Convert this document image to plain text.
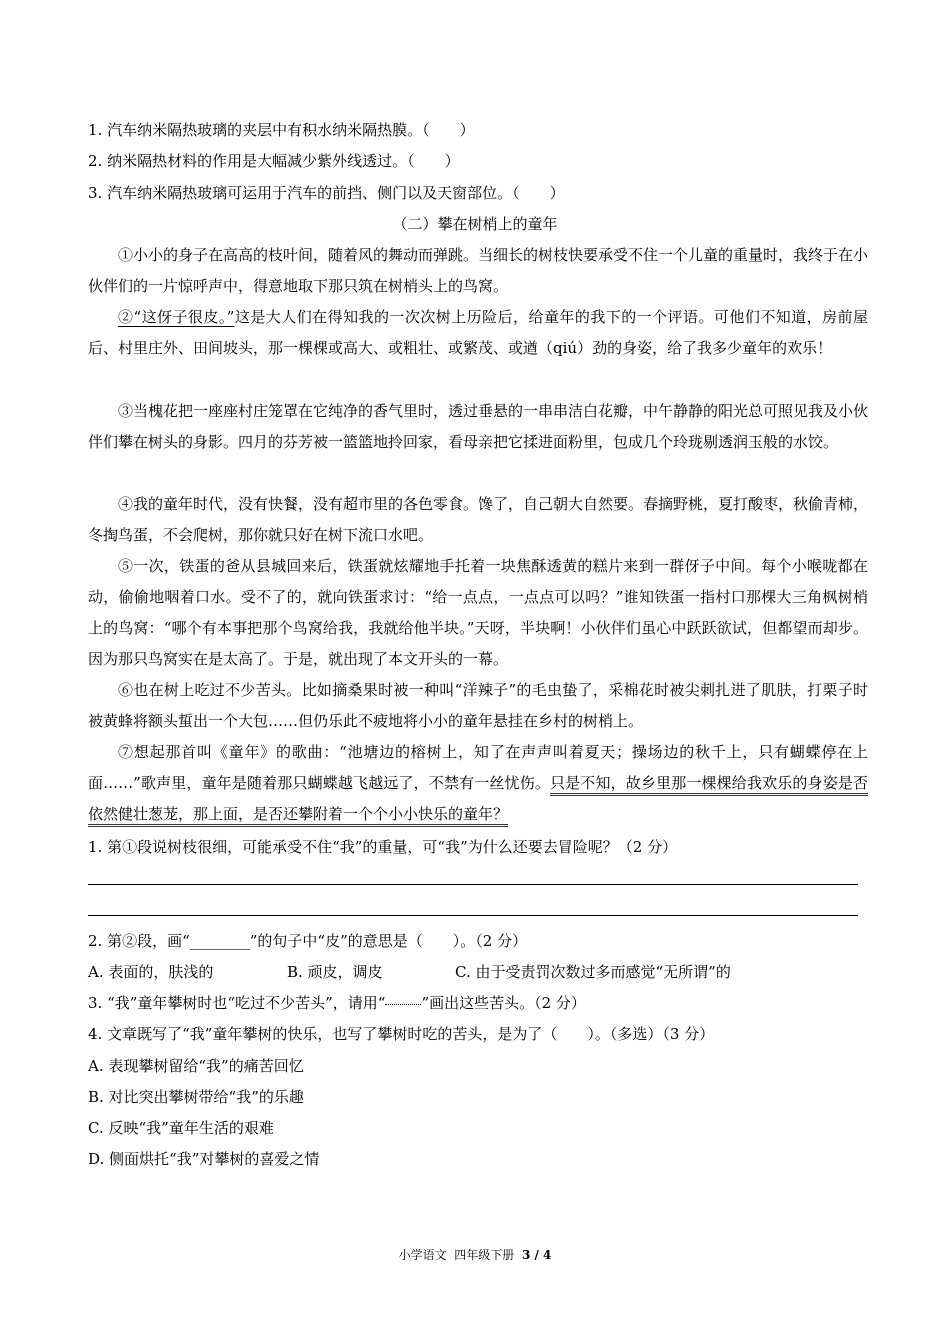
1. 汽车纳米隔热玻璃的夹层中有积水纳米隔热膜。（　　）
2. 纳米隔热材料的作用是大幅减少紫外线透过。（　　）
3. 汽车纳米隔热玻璃可运用于汽车的前挡、侧门以及天窗部位。（　　）
（二）攀在树梢上的童年
①小小的身子在高高的枝叶间，随着风的舞动而弹跳。当细长的树枝快要承受不住一个儿童的重量时，我终于在小伙伴们的一片惊呼声中，得意地取下那只筑在树梢头上的鸟窝。
②“这伢子很皮。”这是大人们在得知我的一次次树上历险后，给童年的我下的一个评语。可他们不知道，房前屋后、村里庄外、田间坡头，那一棵棵或高大、或粗壮、或繁茂、或遒（qiú）劲的身姿，给了我多少童年的欢乐！
③当槐花把一座座村庄笼罩在它纯净的香气里时，透过垂悬的一串串洁白花瓣，中午静静的阳光总可照见我及小伙伴们攀在树头的身影。四月的芬芳被一篮篮地拎回家，看母亲把它揉进面粉里，包成几个玲珑剔透润玉般的水饺。
④我的童年时代，没有快餐，没有超市里的各色零食。馋了，自己朝大自然要。春摘野桃，夏打酸枣，秋偷青柿，冬掏鸟蛋，不会爬树，那你就只好在树下流口水吧。
⑤一次，铁蛋的爸从县城回来后，铁蛋就炫耀地手托着一块焦酥透黄的糕片来到一群伢子中间。每个小喉咙都在动，偷偷地咽着口水。受不了的，就向铁蛋求讨：“给一点点，一点点可以吗？”谁知铁蛋一指村口那棵大三角枫树梢上的鸟窝：“哪个有本事把那个鸟窝给我，我就给他半块。”天呀，半块啊！小伙伴们虽心中跃跃欲试，但都望而却步。因为那只鸟窝实在是太高了。于是，就出现了本文开头的一幕。
⑥也在树上吃过不少苦头。比如摘桑果时被一种叫“洋辣子”的毛虫蛰了，采棉花时被尖刺扎进了肌肤，打栗子时被黄蜂将额头蜇出一个大包……但仍乐此不疲地将小小的童年悬挂在乡村的树梢上。
⑦想起那首叫《童年》的歌曲：“池塘边的榕树上，知了在声声叫着夏天；操场边的秋千上，只有蝴蝶停在上面……”歌声里，童年是随着那只蝴蝶越飞越远了，不禁有一丝忧伤。只是不知，故乡里那一棵棵给我欢乐的身姿是否依然健壮葱茏，那上面，是否还攀附着一个个小小快乐的童年？
1. 第①段说树枝很细，可能承受不住“我”的重量，可“我”为什么还要去冒险呢？（2 分）
2. 第②段，画“________”的句子中“皮”的意思是（　　）。（2 分）
A. 表面的，肤浅的	B. 顽皮，调皮	C. 由于受责罚次数过多而感觉“无所谓”的
3. “我”童年攀树时也“吃过不少苦头”，请用“ ”画出这些苦头。（2 分）
4. 文章既写了“我”童年攀树的快乐，也写了攀树时吃的苦头，是为了（　　）。（多选）（3 分）
A. 表现攀树留给“我”的痛苦回忆
B. 对比突出攀树带给“我”的乐趣
C. 反映“我”童年生活的艰难
D. 侧面烘托“我”对攀树的喜爱之情
小学语文 四年级下册 3 / 4
